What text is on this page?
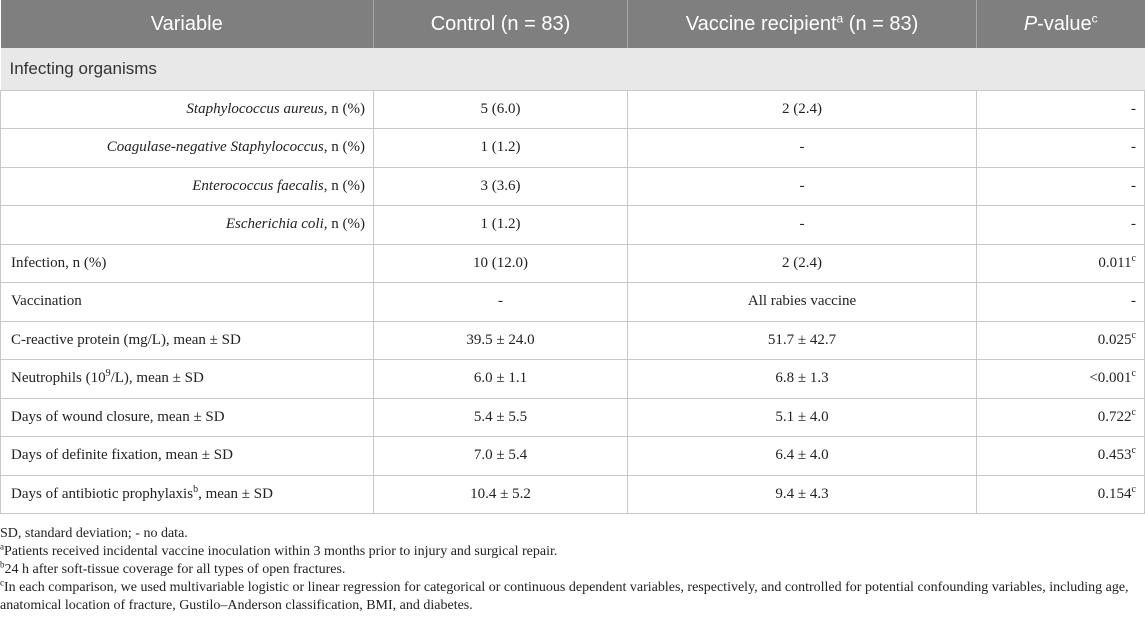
Variable	Control (n = 83)	Vaccine recipient$^a$ (n = 83)	P-value$^c$
Infecting organisms			
Staphylococcus aureus, n (%)	5 (6.0)	2 (2.4)	-
Coagulase-negative Staphylococcus, n (%)	1 (1.2)	-	-
Enterococcus faecalis, n (%)	3 (3.6)	-	-
Escherichia coli, n (%)	1 (1.2)	-	-
Infection, n (%)	10 (12.0)	2 (2.4)	0.011$^c$
Vaccination	-	All rabies vaccine	-
C-reactive protein (mg/L), mean ± SD	39.5 ± 24.0	51.7 ± 42.7	0.025$^c$
Neutrophils $(10^9/L)$, mean ± SD	6.0 ± 1.1	6.8 ± 1.3	<0.001$^c$
Days of wound closure, mean ± SD	5.4 ± 5.5	5.1 ± 4.0	0.722$^c$
Days of definite fixation, mean ± SD	7.0 ± 5.4	6.4 ± 4.0	0.453$^c$
Days of antibiotic prophylaxis$^b$, mean ± SD	10.4 ± 5.2	9.4 ± 4.3	0.154$^c$

SD, standard deviation; - no data.

$^a$Patients received incidental vaccine inoculation within 3 months prior to injury and surgical repair.

$^b$24 h after soft-tissue coverage for all types of open fractures.

$^c$In each comparison, we used multivariable logistic or linear regression for categorical or continuous dependent variables, respectively, and controlled for potential confounding variables, including age, anatomical location of fracture, Gustilo–Anderson classification, BMI, and diabetes.
